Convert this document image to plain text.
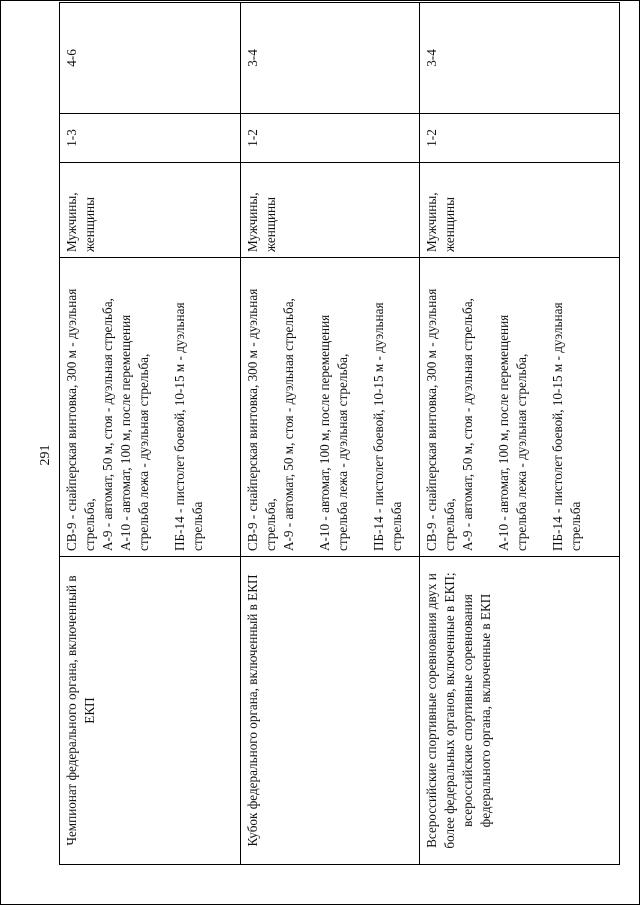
291
Чемпионат федерального органа, включенный в ЕКП	СВ-9 - снайперская винтовка, 300 м - дуэльная стрельба, А-9 - автомат, 50 м, стоя - дуэльная стрельба, А-10 - автомат, 100 м, после перемещения стрельба лежа - дуэльная стрельба, ПБ-14 - пистолет боевой, 10-15 м - дуэльная стрельба	Мужчины, женщины	1-3	4-6
Кубок федерального органа, включенный в ЕКП	СВ-9 - снайперская винтовка, 300 м - дуэльная стрельба, А-9 - автомат, 50 м, стоя - дуэльная стрельба, А-10 - автомат, 100 м, после перемещения стрельба лежа - дуэльная стрельба, ПБ-14 - пистолет боевой, 10-15 м - дуэльная стрельба	Мужчины, женщины	1-2	3-4
Всероссийские спортивные соревнования двух и более федеральных органов, включенные в ЕКП; всероссийские спортивные соревнования федерального органа, включенные в ЕКП	СВ-9 - снайперская винтовка, 300 м - дуэльная стрельба, А-9 - автомат, 50 м, стоя - дуэльная стрельба, А-10 - автомат, 100 м, после перемещения стрельба лежа - дуэльная стрельба, ПБ-14 - пистолет боевой, 10-15 м - дуэльная стрельба	Мужчины, женщины	1-2	3-4
